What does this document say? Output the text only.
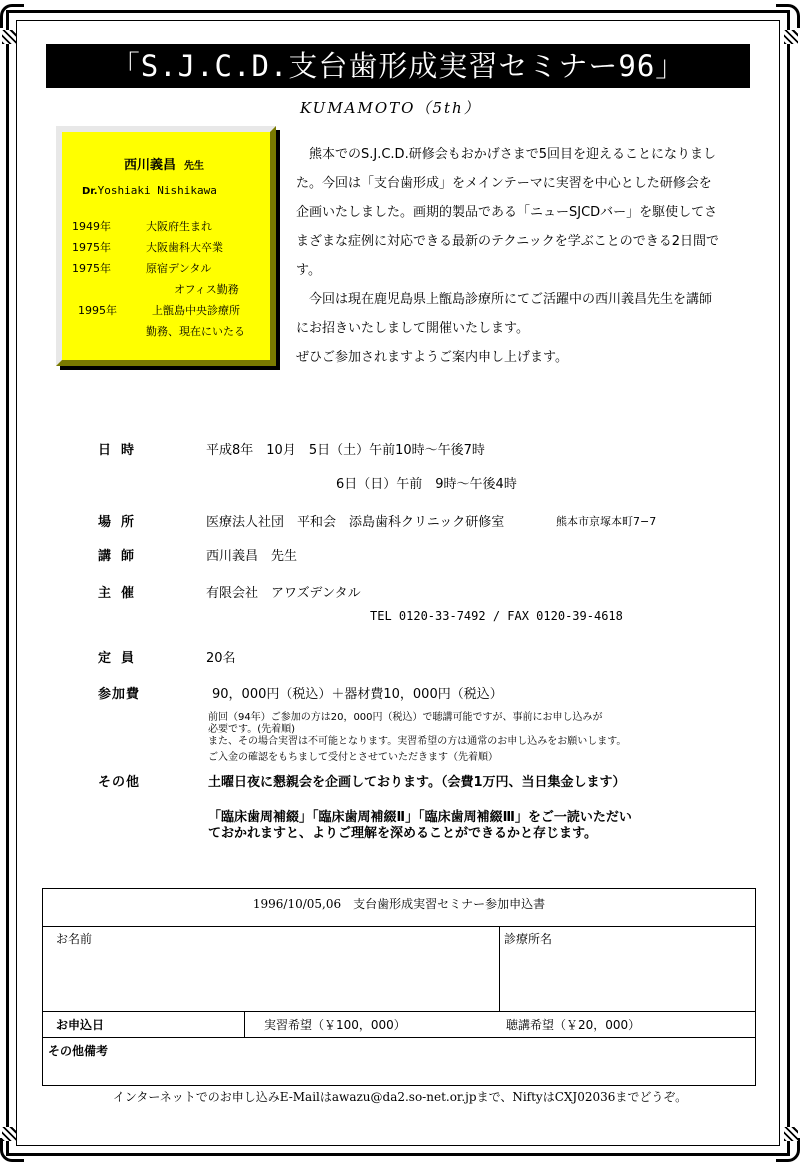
「S.J.C.D.支台歯形成実習セミナー96」
KUMAMOTO（5th）
西川義昌 先生
Dr.Yoshiaki Nishikawa
1949年	大阪府生まれ
1975年	大阪歯科大卒業
1975年	原宿デンタル
オフィス勤務
1995年	上甑島中央診療所
勤務、現在にいたる

　熊本でのS.J.C.D.研修会もおかげさまで5回目を迎えることになりました。今回は「支台歯形成」をメインテーマに実習を中心とした研修会を企画いたしました。画期的製品である「ニューSJCDバー」を駆使してさまざまな症例に対応できる最新のテクニックを学ぶことのできる2日間です。

　今回は現在鹿児島県上甑島診療所にてご活躍中の西川義昌先生を講師にお招きいたしまして開催いたします。

ぜひご参加されますようご案内申し上げます。

日時	平成8年　10月　5日（土）午前10時〜午後7時
6日（日）午前　9時〜午後4時
場所	医療法人社団　平和会　添島歯科クリニック研修室	熊本市京塚本町7−7
講師	西川義昌　先生
主催	有限会社　アワズデンタル
TEL 0120-33-7492 / FAX 0120-39-4618
定員	20名
参加費	90，000円（税込）＋器材費10，000円（税込）
前回（94年）ご参加の方は20，000円（税込）で聴講可能ですが、事前にお申し込みが
必要です。(先着順)
また、その場合実習は不可能となります。実習希望の方は通常のお申し込みをお願いします。
ご入金の確認をもちまして受付とさせていただきます（先着順）
その他	土曜日夜に懇親会を企画しております。（会費1万円、当日集金します）
「臨床歯周補綴」「臨床歯周補綴Ⅱ」「臨床歯周補綴Ⅲ」をご一読いただい
ておかれますと、よりご理解を深めることができるかと存じます。
1996/10/05,06　支台歯形成実習セミナー参加申込書
お名前	診療所名
お申込日	実習希望（￥100，000）	聴講希望（￥20，000）
その他備考
インターネットでのお申し込みE-Mailはawazu@da2.so-net.or.jpまで、NiftyはCXJ02036までどうぞ。
